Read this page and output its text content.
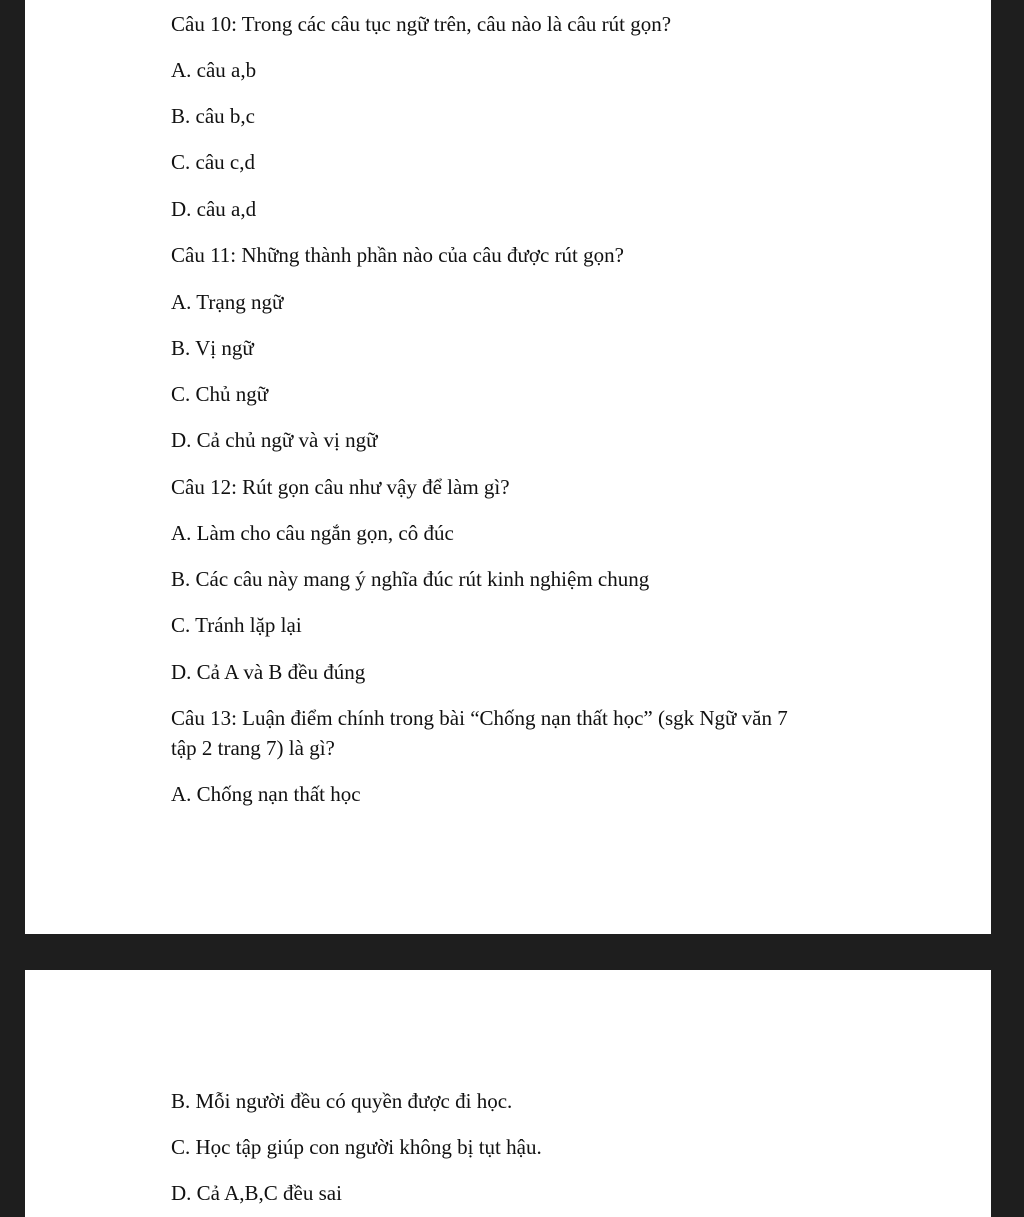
Câu 10: Trong các câu tục ngữ trên, câu nào là câu rút gọn?
A. câu a,b
B. câu b,c
C. câu c,d
D. câu a,d
Câu 11: Những thành phần nào của câu được rút gọn?
A. Trạng ngữ
B. Vị ngữ
C. Chủ ngữ
D. Cả chủ ngữ và vị ngữ
Câu 12: Rút gọn câu như vậy để làm gì?
A. Làm cho câu ngắn gọn, cô đúc
B. Các câu này mang ý nghĩa đúc rút kinh nghiệm chung
C. Tránh lặp lại
D. Cả A và B đều đúng
Câu 13: Luận điểm chính trong bài “Chống nạn thất học” (sgk Ngữ văn 7
tập 2 trang 7) là gì?
A. Chống nạn thất học
B. Mỗi người đều có quyền được đi học.
C. Học tập giúp con người không bị tụt hậu.
D. Cả A,B,C đều sai
